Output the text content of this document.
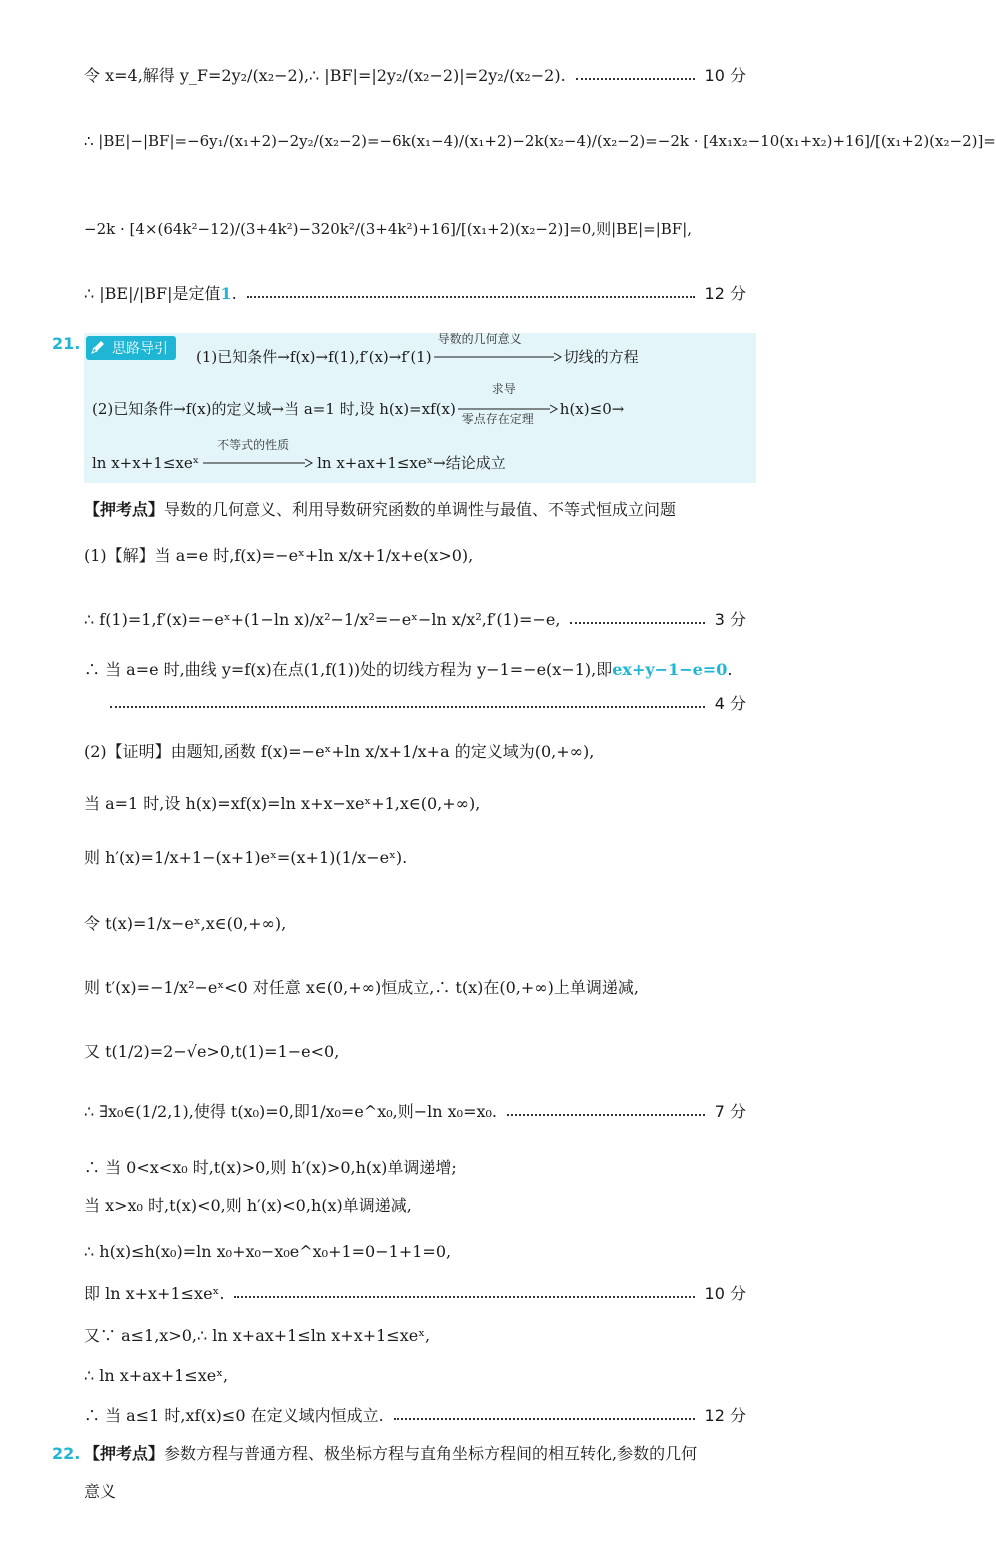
令 x=4,解得 y_F=2y₂/(x₂−2),∴ |BF|=|2y₂/(x₂−2)|=2y₂/(x₂−2).	10 分
∴ |BE|−|BF|=−6y₁/(x₁+2)−2y₂/(x₂−2)=−6k(x₁−4)/(x₁+2)−2k(x₂−4)/(x₂−2)=−2k · [4x₁x₂−10(x₁+x₂)+16]/[(x₁+2)(x₂−2)]=
−2k · [4×(64k²−12)/(3+4k²)−320k²/(3+4k²)+16]/[(x₁+2)(x₂−2)]=0,则|BE|=|BF|,
∴ |BE|/|BF|是定值1.	12 分
21.	思路导引	(1)已知条件→f(x)→f(1),f′(x)→f′(1)
导数的几何意义
切线的方程
(2)已知条件→f(x)的定义域→当 a=1 时,设 h(x)=xf(x)
求导
零点存在定理
h(x)≤0→
ln x+x+1≤xeˣ
不等式的性质
ln x+ax+1≤xeˣ→结论成立
【押考点】 导数的几何意义、利用导数研究函数的单调性与最值、不等式恒成立问题
(1)【解】当 a=e 时,f(x)=−eˣ+ln x/x+1/x+e(x>0),
∴ f(1)=1,f′(x)=−eˣ+(1−ln x)/x²−1/x²=−eˣ−ln x/x²,f′(1)=−e,	3 分
∴ 当 a=e 时,曲线 y=f(x)在点(1,f(1))处的切线方程为 y−1=−e(x−1),即ex+y−1−e=0.
4 分
(2)【证明】由题知,函数 f(x)=−eˣ+ln x/x+1/x+a 的定义域为(0,+∞),
当 a=1 时,设 h(x)=xf(x)=ln x+x−xeˣ+1,x∈(0,+∞),
则 h′(x)=1/x+1−(x+1)eˣ=(x+1)(1/x−eˣ).
令 t(x)=1/x−eˣ,x∈(0,+∞),
则 t′(x)=−1/x²−eˣ<0 对任意 x∈(0,+∞)恒成立,∴ t(x)在(0,+∞)上单调递减,
又 t(1/2)=2−√e>0,t(1)=1−e<0,
∴ ∃x₀∈(1/2,1),使得 t(x₀)=0,即1/x₀=e^x₀,则−ln x₀=x₀.	7 分
∴ 当 0<x<x₀ 时,t(x)>0,则 h′(x)>0,h(x)单调递增;
当 x>x₀ 时,t(x)<0,则 h′(x)<0,h(x)单调递减,
∴ h(x)≤h(x₀)=ln x₀+x₀−x₀e^x₀+1=0−1+1=0,
即 ln x+x+1≤xeˣ.	10 分
又∵ a≤1,x>0,∴ ln x+ax+1≤ln x+x+1≤xeˣ,
∴ ln x+ax+1≤xeˣ,
∴ 当 a≤1 时,xf(x)≤0 在定义域内恒成立.	12 分
22. 【押考点】 参数方程与普通方程、极坐标方程与直角坐标方程间的相互转化,参数的几何
意义
